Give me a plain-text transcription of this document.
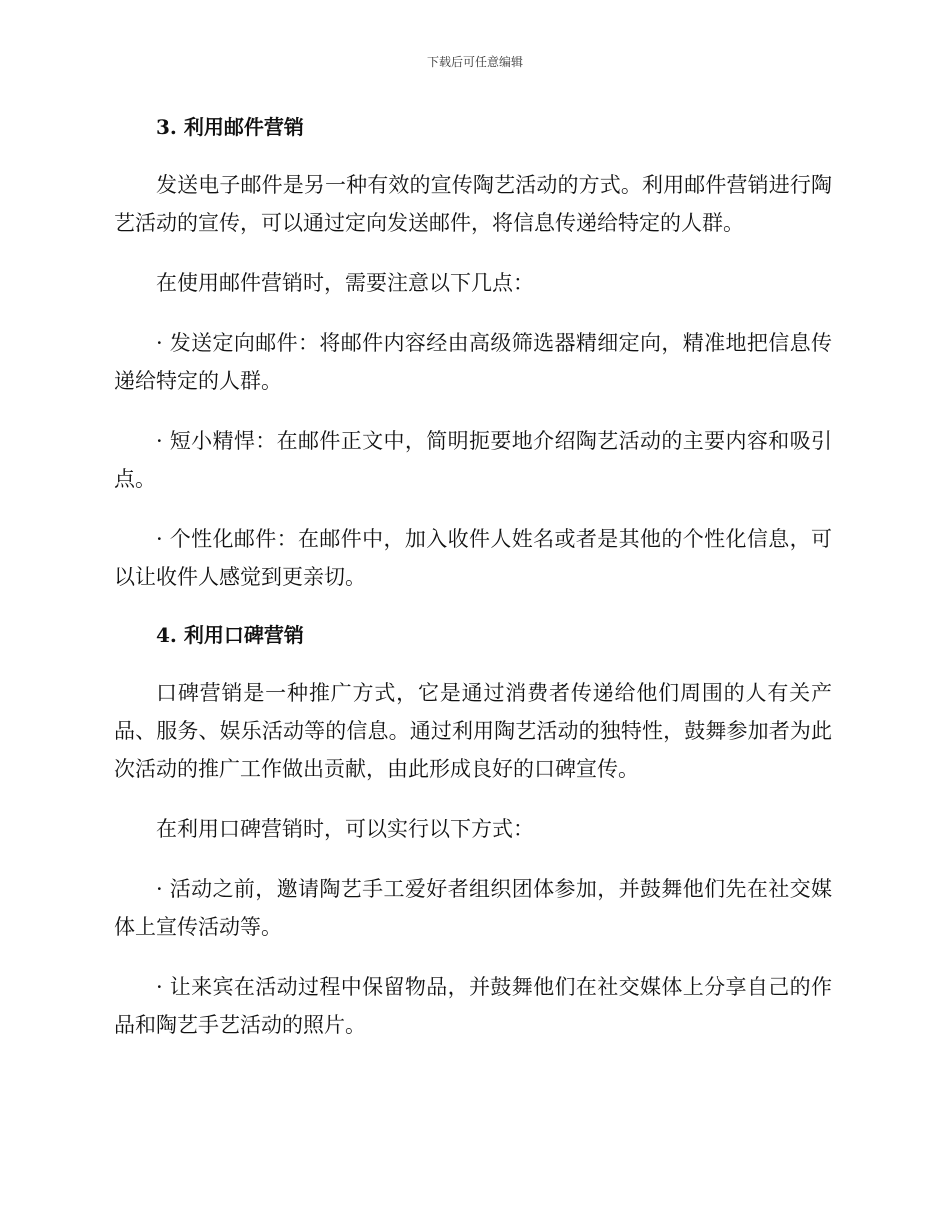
下载后可任意编辑
3. 利用邮件营销

发送电子邮件是另一种有效的宣传陶艺活动的方式。利用邮件营销进行陶艺活动的宣传，可以通过定向发送邮件，将信息传递给特定的人群。

在使用邮件营销时，需要注意以下几点：

· 发送定向邮件：将邮件内容经由高级筛选器精细定向，精准地把信息传递给特定的人群。

· 短小精悍：在邮件正文中，简明扼要地介绍陶艺活动的主要内容和吸引点。

· 个性化邮件：在邮件中，加入收件人姓名或者是其他的个性化信息，可以让收件人感觉到更亲切。

4. 利用口碑营销

口碑营销是一种推广方式，它是通过消费者传递给他们周围的人有关产品、服务、娱乐活动等的信息。通过利用陶艺活动的独特性，鼓舞参加者为此次活动的推广工作做出贡献，由此形成良好的口碑宣传。

在利用口碑营销时，可以实行以下方式：

· 活动之前，邀请陶艺手工爱好者组织团体参加，并鼓舞他们先在社交媒体上宣传活动等。

· 让来宾在活动过程中保留物品，并鼓舞他们在社交媒体上分享自己的作品和陶艺手艺活动的照片。
